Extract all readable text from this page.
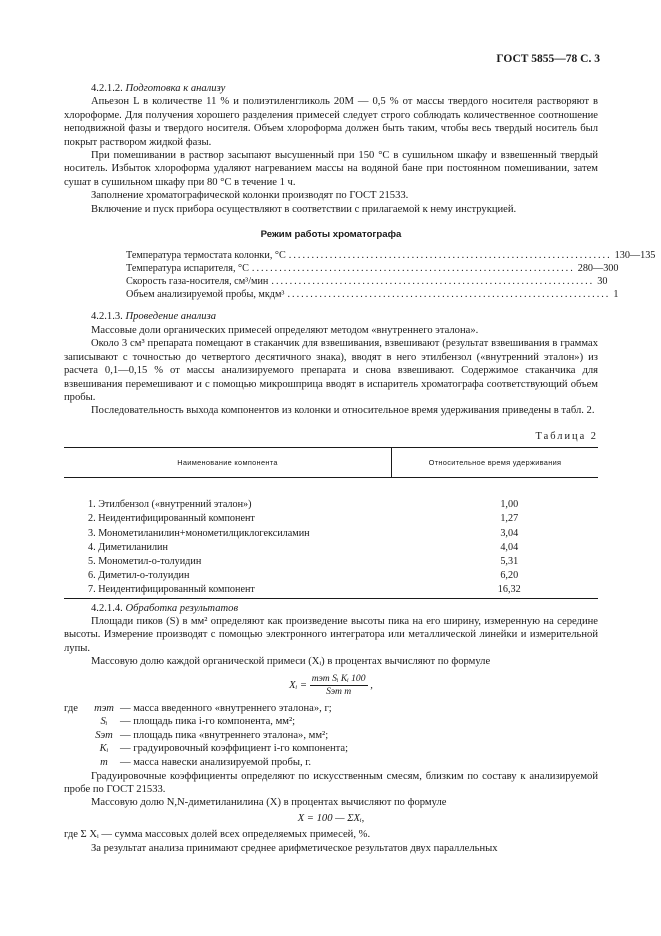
ГОСТ 5855—78 С. 3

4.2.1.2. Подготовка к анализу

Апьезон L в количестве 11 % и полиэтиленгликоль 20М — 0,5 % от массы твердого носителя растворяют в хлороформе. Для получения хорошего разделения примесей следует строго соблюдать количественное соотношение неподвижной фазы и твердого носителя. Объем хлороформа должен быть таким, чтобы весь твердый носитель был покрыт раствором жидкой фазы.

При помешивании в раствор засыпают высушенный при 150 °C в сушильном шкафу и взвешенный твердый носитель. Избыток хлороформа удаляют нагреванием массы на водяной бане при постоянном помешивании, затем сушат в сушильном шкафу при 80 °C в течение 1 ч.

Заполнение хроматографической колонки производят по ГОСТ 21533.

Включение и пуск прибора осуществляют в соответствии с прилагаемой к нему инструкцией.

Режим работы хроматографа
Температура термостата колонки, °C ....................................................................... 130—135
Температура испарителя, °C ....................................................................... 280—300
Скорость газа-носителя, см³/мин ....................................................................... 30
Объем анализируемой пробы, мкдм³ ....................................................................... 1

4.2.1.3. Проведение анализа

Массовые доли органических примесей определяют методом «внутреннего эталона».

Около 3 см³ препарата помещают в стаканчик для взвешивания, взвешивают (результат взвешивания в граммах записывают с точностью до четвертого десятичного знака), вводят в него этилбензол («внутренний эталон») из расчета 0,1—0,15 % от массы анализируемого препарата и снова взвешивают. Содержимое стаканчика для взвешивания перемешивают и с помощью микрошприца вводят в испаритель хроматографа соответствующий объем пробы.

Последовательность выхода компонентов из колонки и относительное время удерживания приведены в табл. 2.

Таблица 2
Наименование компонента	Относительное время удерживания
1. Этилбензол («внутренний эталон»)	1,00
2. Неидентифицированный компонент	1,27
3. Монометиланилин+монометилциклогексиламин	3,04
4. Диметиланилин	4,04
5. Монометил-о-толуидин	5,31
6. Диметил-о-толуидин	6,20
7. Неидентифицированный компонент	16,32

4.2.1.4. Обработка результатов

Площади пиков (S) в мм² определяют как произведение высоты пика на его ширину, измеренную на середине высоты. Измерение производят с помощью электронного интегратора или металлической линейки и измерительной лупы.

Массовую долю каждой органической примеси (Xᵢ) в процентах вычисляют по формуле

Xᵢ = $\frac{\text{mэт Sᵢ Kᵢ 100}}{\text{Sэт m}}$ ,
где	mэт — масса введенного «внутреннего эталона», г;
Sᵢ	— площадь пика i-го компонента, мм²;
Sэт — площадь пика «внутреннего эталона», мм²;
Kᵢ	— градуировочный коэффициент i-го компонента;
m	— масса навески анализируемой пробы, г.

Градуировочные коэффициенты определяют по искусственным смесям, близким по составу к анализируемой пробе по ГОСТ 21533.

Массовую долю N,N-диметиланилина (X) в процентах вычисляют по формуле

X = 100 — ΣXᵢ,

где Σ Xᵢ — сумма массовых долей всех определяемых примесей, %.

За результат анализа принимают среднее арифметическое результатов двух параллельных
